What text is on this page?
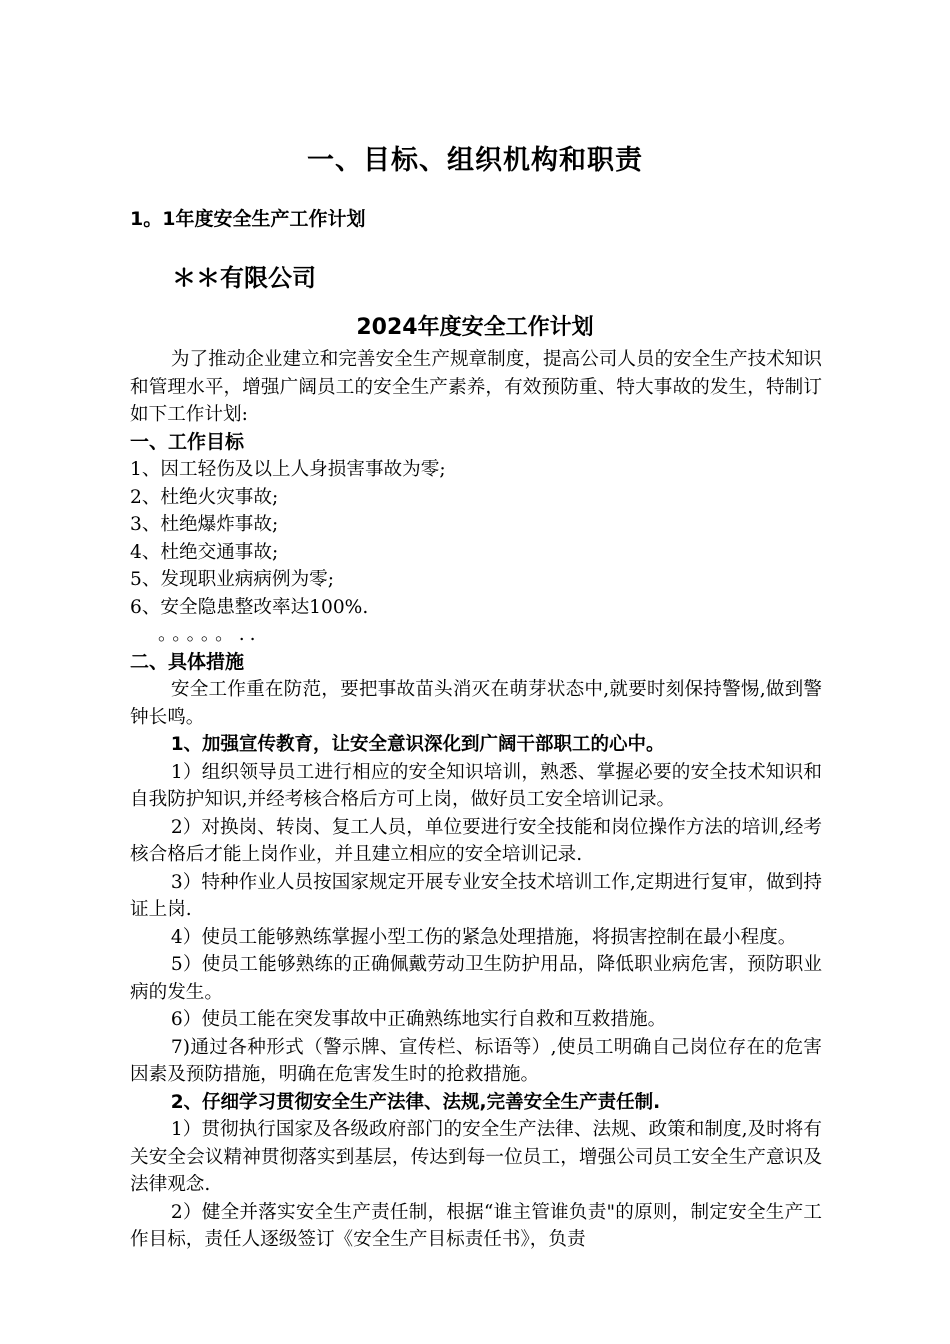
一、目标、组织机构和职责
1。1年度安全生产工作计划
＊＊有限公司
2024年度安全工作计划

为了推动企业建立和完善安全生产规章制度，提高公司人员的安全生产技术知识和管理水平，增强广阔员工的安全生产素养，有效预防重、特大事故的发生，特制订如下工作计划:

一、工作目标

1、因工轻伤及以上人身损害事故为零;

2、杜绝火灾事故;

3、杜绝爆炸事故;

4、杜绝交通事故;

5、发现职业病病例为零;

6、安全隐患整改率达100%.

。。。。。..

二、具体措施

安全工作重在防范，要把事故苗头消灭在萌芽状态中,就要时刻保持警惕,做到警钟长鸣。

1、加强宣传教育，让安全意识深化到广阔干部职工的心中。

1）组织领导员工进行相应的安全知识培训，熟悉、掌握必要的安全技术知识和自我防护知识,并经考核合格后方可上岗，做好员工安全培训记录。

2）对换岗、转岗、复工人员，单位要进行安全技能和岗位操作方法的培训,经考核合格后才能上岗作业，并且建立相应的安全培训记录.

3）特种作业人员按国家规定开展专业安全技术培训工作,定期进行复审，做到持证上岗.

4）使员工能够熟练掌握小型工伤的紧急处理措施，将损害控制在最小程度。

5）使员工能够熟练的正确佩戴劳动卫生防护用品，降低职业病危害，预防职业病的发生。

6）使员工能在突发事故中正确熟练地实行自救和互救措施。

7)通过各种形式（警示牌、宣传栏、标语等）,使员工明确自己岗位存在的危害因素及预防措施，明确在危害发生时的抢救措施。

2、仔细学习贯彻安全生产法律、法规,完善安全生产责任制.

1）贯彻执行国家及各级政府部门的安全生产法律、法规、政策和制度,及时将有关安全会议精神贯彻落实到基层，传达到每一位员工，增强公司员工安全生产意识及法律观念.

2）健全并落实安全生产责任制，根据“谁主管谁负责"的原则，制定安全生产工作目标，责任人逐级签订《安全生产目标责任书》，负责
